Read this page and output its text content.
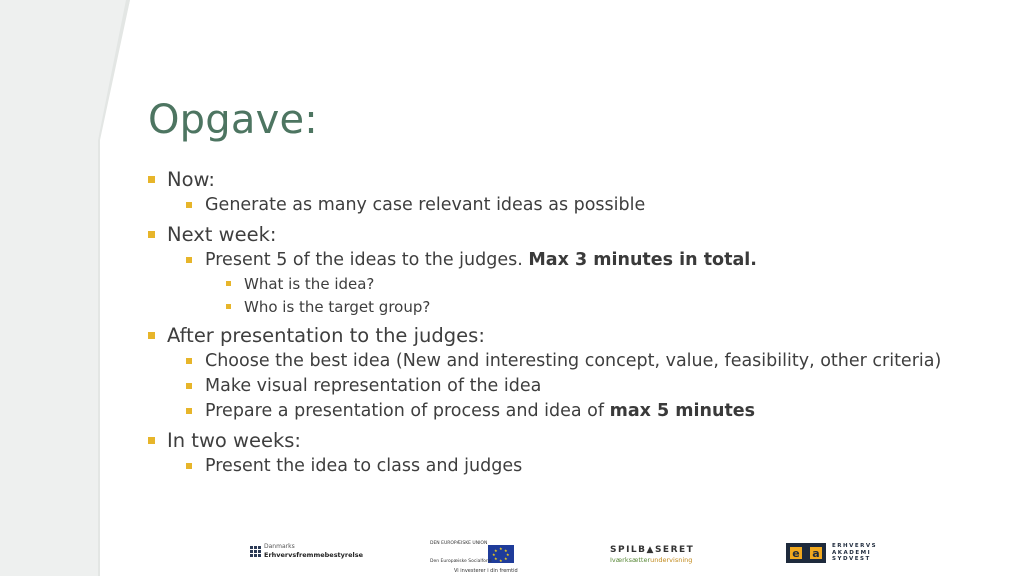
Opgave:
Now:
Generate as many case relevant ideas as possible
Next week:
Present 5 of the ideas to the judges. Max 3 minutes in total.
What is the idea?
Who is the target group?
After presentation to the judges:
Choose the best idea (New and interesting concept, value, feasibility, other criteria)
Make visual representation of the idea
Prepare a presentation of process and idea of max 5 minutes
In two weeks:
Present the idea to class and judges
Danmarks
Erhvervsfremmebestyrelse
DEN EUROPÆISKE UNION
★ ★
★
★
★
★
★
★
Den Europæiske Socialfond
Vi investerer i din fremtid
SPILB▲SERET
Iværksætterundervisning
e	a
ERHVERVS
AKADEMI
SYDVEST
